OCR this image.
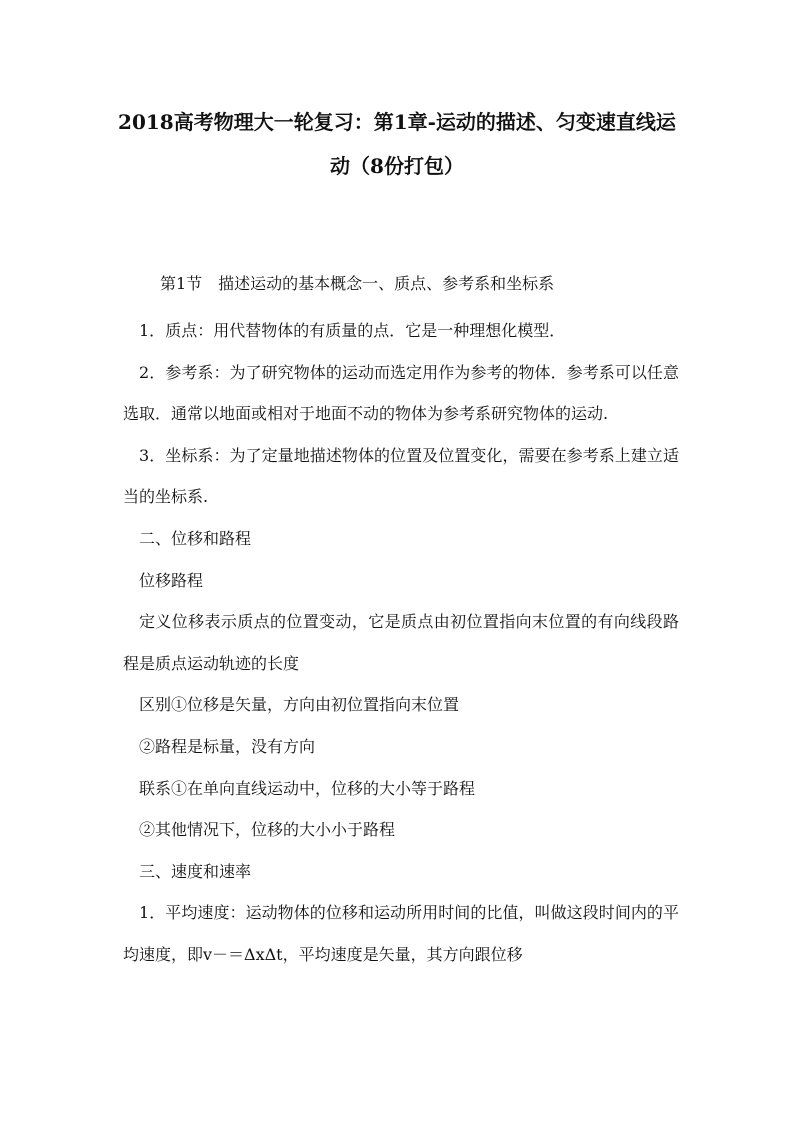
2018高考物理大一轮复习：第1章-运动的描述、匀变速直线运动（8份打包）
第1节　描述运动的基本概念一、质点、参考系和坐标系

1．质点：用代替物体的有质量的点．它是一种理想化模型．

2．参考系：为了研究物体的运动而选定用作为参考的物体．参考系可以任意选取．通常以地面或相对于地面不动的物体为参考系研究物体的运动.

3．坐标系：为了定量地描述物体的位置及位置变化，需要在参考系上建立适当的坐标系.

二、位移和路程

位移路程

定义位移表示质点的位置变动，它是质点由初位置指向末位置的有向线段路程是质点运动轨迹的长度

区别①位移是矢量，方向由初位置指向末位置

②路程是标量，没有方向

联系①在单向直线运动中，位移的大小等于路程

②其他情况下，位移的大小小于路程

三、速度和速率

1．平均速度：运动物体的位移和运动所用时间的比值，叫做这段时间内的平均速度，即v－＝ΔxΔt，平均速度是矢量，其方向跟位移
